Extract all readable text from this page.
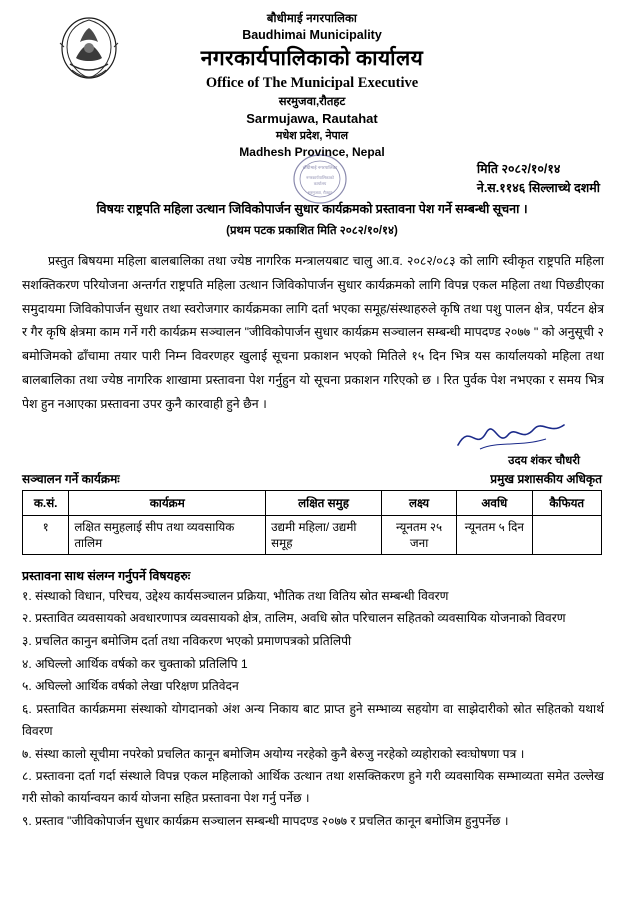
बौधीमाई नगरपालिका
Baudhimai Municipality
नगरकार्यपालिकाको कार्यालय
Office of The Municipal Executive
सरमुजवा,रौतहट
Sarmujawa, Rautahat
मधेश प्रदेश, नेपाल
Madhesh Province, Nepal
बौधीमाई नगरपालिका
नगरकार्यपालिकाको
कार्यालय
सरमुजवा, रौतहट
मिति २०८२/१०/१४
ने.स.११४६ सिल्लाच्थे दशमी
विषयः राष्ट्रपति महिला उत्थान जिविकोपार्जन सुधार कार्यक्रमको प्रस्तावना पेश गर्ने सम्बन्धी सूचना ।
(प्रथम पटक प्रकाशित मिति २०८२/१०/१४)
प्रस्तुत बिषयमा महिला बालबालिका तथा ज्येष्ठ नागरिक मन्त्रालयबाट चालु आ.व. २०८२/०८३ को लागि स्वीकृत राष्ट्रपति महिला सशक्तिकरण परियोजना अन्तर्गत राष्ट्रपति महिला उत्थान जिविकोपार्जन सुधार कार्यक्रमको लागि विपन्न एकल महिला तथा पिछडीएका समुदायमा जिविकोपार्जन सुधार तथा स्वरोजगार कार्यक्रमका लागि दर्ता भएका समूह/संस्थाहरुले कृषि तथा पशु पालन क्षेत्र, पर्यटन क्षेत्र र गैर कृषि क्षेत्रमा काम गर्ने गरी कार्यक्रम सञ्चालन "जीविकोपार्जन सुधार कार्यक्रम सञ्चालन सम्बन्धी मापदण्ड २०७७ " को अनुसूची २ बमोजिमको ढाँचामा तयार पारी निम्न विवरणहर खुलाई सूचना प्रकाशन भएको मितिले १५ दिन भित्र यस कार्यालयको महिला तथा बालबालिका तथा ज्येष्ठ नागरिक शाखामा प्रस्तावना पेश गर्नुहुन यो सूचना प्रकाशन गरिएको छ । रित पुर्वक पेश नभएका र समय भित्र पेश हुन नआएका प्रस्तावना उपर कुनै कारवाही हुने छैन ।
उदय शंकर चौधरी
सञ्चालन गर्ने कार्यक्रमः	प्रमुख प्रशासकीय अधिकृत
क.सं.	कार्यक्रम	लक्षित समुह	लक्ष्य	अवधि	कैफियत
१	लक्षित समुहलाई सीप तथा व्यवसायिक तालिम	उद्यमी महिला/ उद्यमी समूह	न्यूनतम २५ जना	न्यूनतम ५ दिन	
प्रस्तावना साथ संलग्न गर्नुपर्ने विषयहरुः
१. संस्थाको विधान, परिचय, उद्देश्य कार्यसञ्चालन प्रक्रिया, भौतिक तथा वितिय स्रोत सम्बन्धी विवरण
२. प्रस्तावित व्यवसायको अवधारणापत्र व्यवसायको क्षेत्र, तालिम, अवधि स्रोत परिचालन सहितको व्यवसायिक योजनाको विवरण
३. प्रचलित कानुन बमोजिम दर्ता तथा नविकरण भएको प्रमाणपत्रको प्रतिलिपी
४. अघिल्लो आर्थिक वर्षको कर चुक्ताको प्रतिलिपि 1
५. अघिल्लो आर्थिक वर्षको लेखा परिक्षण प्रतिवेदन
६. प्रस्तावित कार्यक्रममा संस्थाको योगदानको अंश अन्य निकाय बाट प्राप्त हुने सम्भाव्य सहयोग वा साझेदारीको स्रोत सहितको यथार्थ विवरण
७. संस्था कालो सूचीमा नपरेको प्रचलित कानून बमोजिम अयोग्य नरहेको कुनै बेरुजु नरहेको व्यहोराको स्वःघोषणा पत्र ।
८. प्रस्तावना दर्ता गर्दा संस्थाले विपन्न एकल महिलाको आर्थिक उत्थान तथा शसक्तिकरण हुने गरी व्यवसायिक सम्भाव्यता समेत उल्लेख गरी सोको कार्यान्वयन कार्य योजना सहित प्रस्तावना पेश गर्नु पर्नेछ ।
९. प्रस्ताव "जीविकोपार्जन सुधार कार्यक्रम सञ्चालन सम्बन्धी मापदण्ड २०७७ र प्रचलित कानून बमोजिम हुनुपर्नेछ ।
